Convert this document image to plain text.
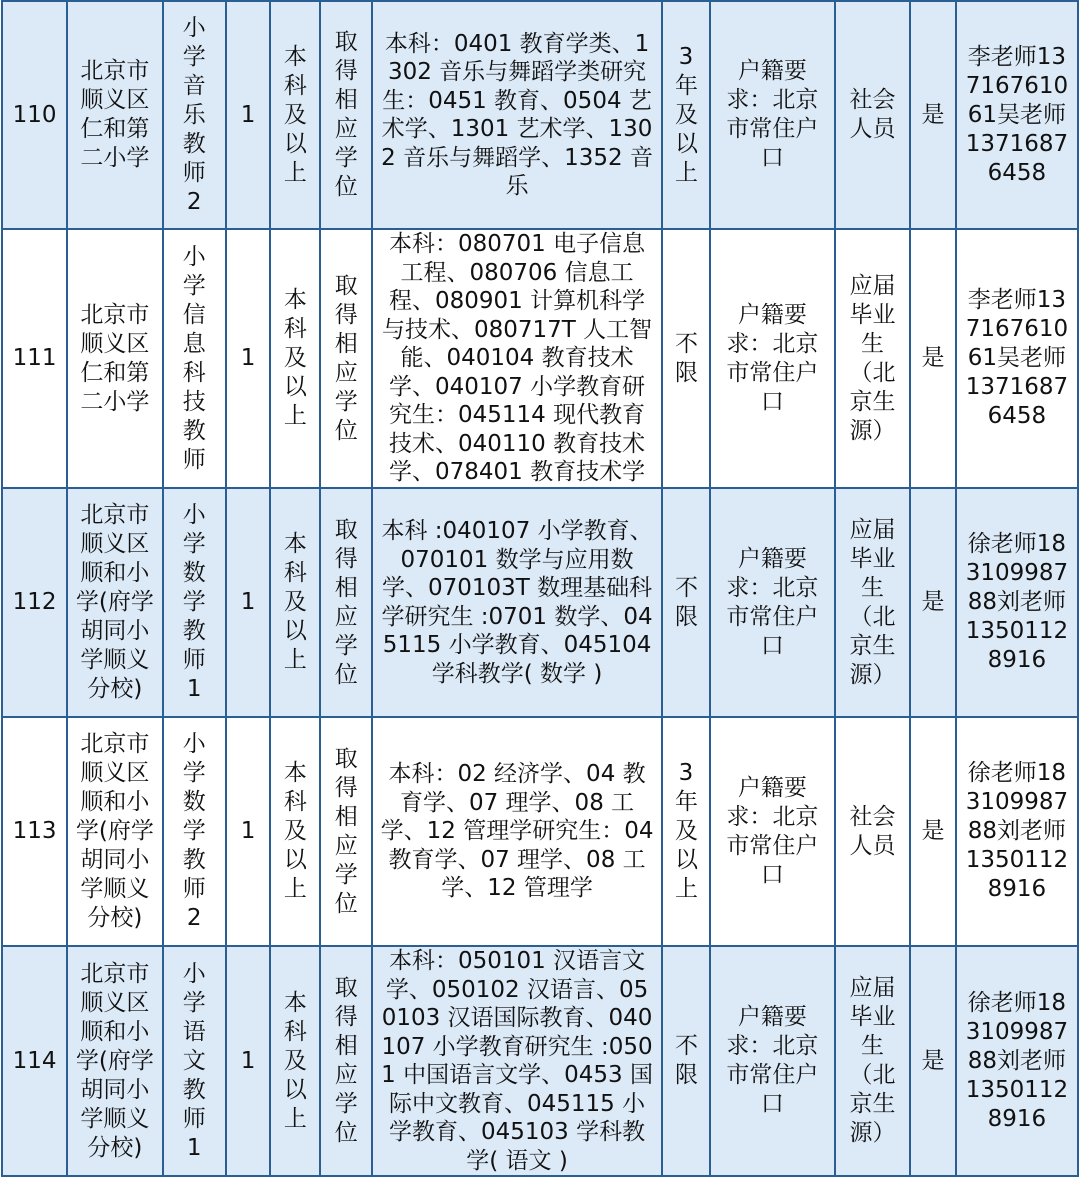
110	北京市顺义区仁和第二小学	小学音乐教师2	1	本科及以上	取得相应学位	本科：0401 教育学类、1302 音乐与舞蹈学类研究生：0451 教育、0504 艺术学、1301 艺术学、1302 音乐与舞蹈学、1352 音乐	3年及以上	户籍要求：北京市常住户口	社会人员	是	李老师13716761061吴老师13716876458
111	北京市顺义区仁和第二小学	小学信息科技教师	1	本科及以上	取得相应学位	本科：080701 电子信息工程、080706 信息工程、080901 计算机科学与技术、080717T 人工智能、040104 教育技术学、040107 小学教育研究生：045114 现代教育技术、040110 教育技术学、078401 教育技术学	不限	户籍要求：北京市常住户口	应届毕业生（北京生源）	是	李老师13716761061吴老师13716876458
112	北京市顺义区顺和小学(府学胡同小学顺义分校)	小学数学教师1	1	本科及以上	取得相应学位	本科 :040107 小学教育、070101 数学与应用数学、070103T 数理基础科学研究生 :0701 数学、045115 小学教育、045104 学科教学( 数学 )	不限	户籍要求：北京市常住户口	应届毕业生（北京生源）	是	徐老师18310998788刘老师13501128916
113	北京市顺义区顺和小学(府学胡同小学顺义分校)	小学数学教师2	1	本科及以上	取得相应学位	本科：02 经济学、04 教育学、07 理学、08 工学、12 管理学研究生：04 教育学、07 理学、08 工学、12 管理学	3年及以上	户籍要求：北京市常住户口	社会人员	是	徐老师18310998788刘老师13501128916
114	北京市顺义区顺和小学(府学胡同小学顺义分校)	小学语文教师1	1	本科及以上	取得相应学位	本科：050101 汉语言文学、050102 汉语言、050103 汉语国际教育、040107 小学教育研究生 :0501 中国语言文学、0453 国际中文教育、045115 小学教育、045103 学科教学( 语文 )	不限	户籍要求：北京市常住户口	应届毕业生（北京生源）	是	徐老师18310998788刘老师13501128916
